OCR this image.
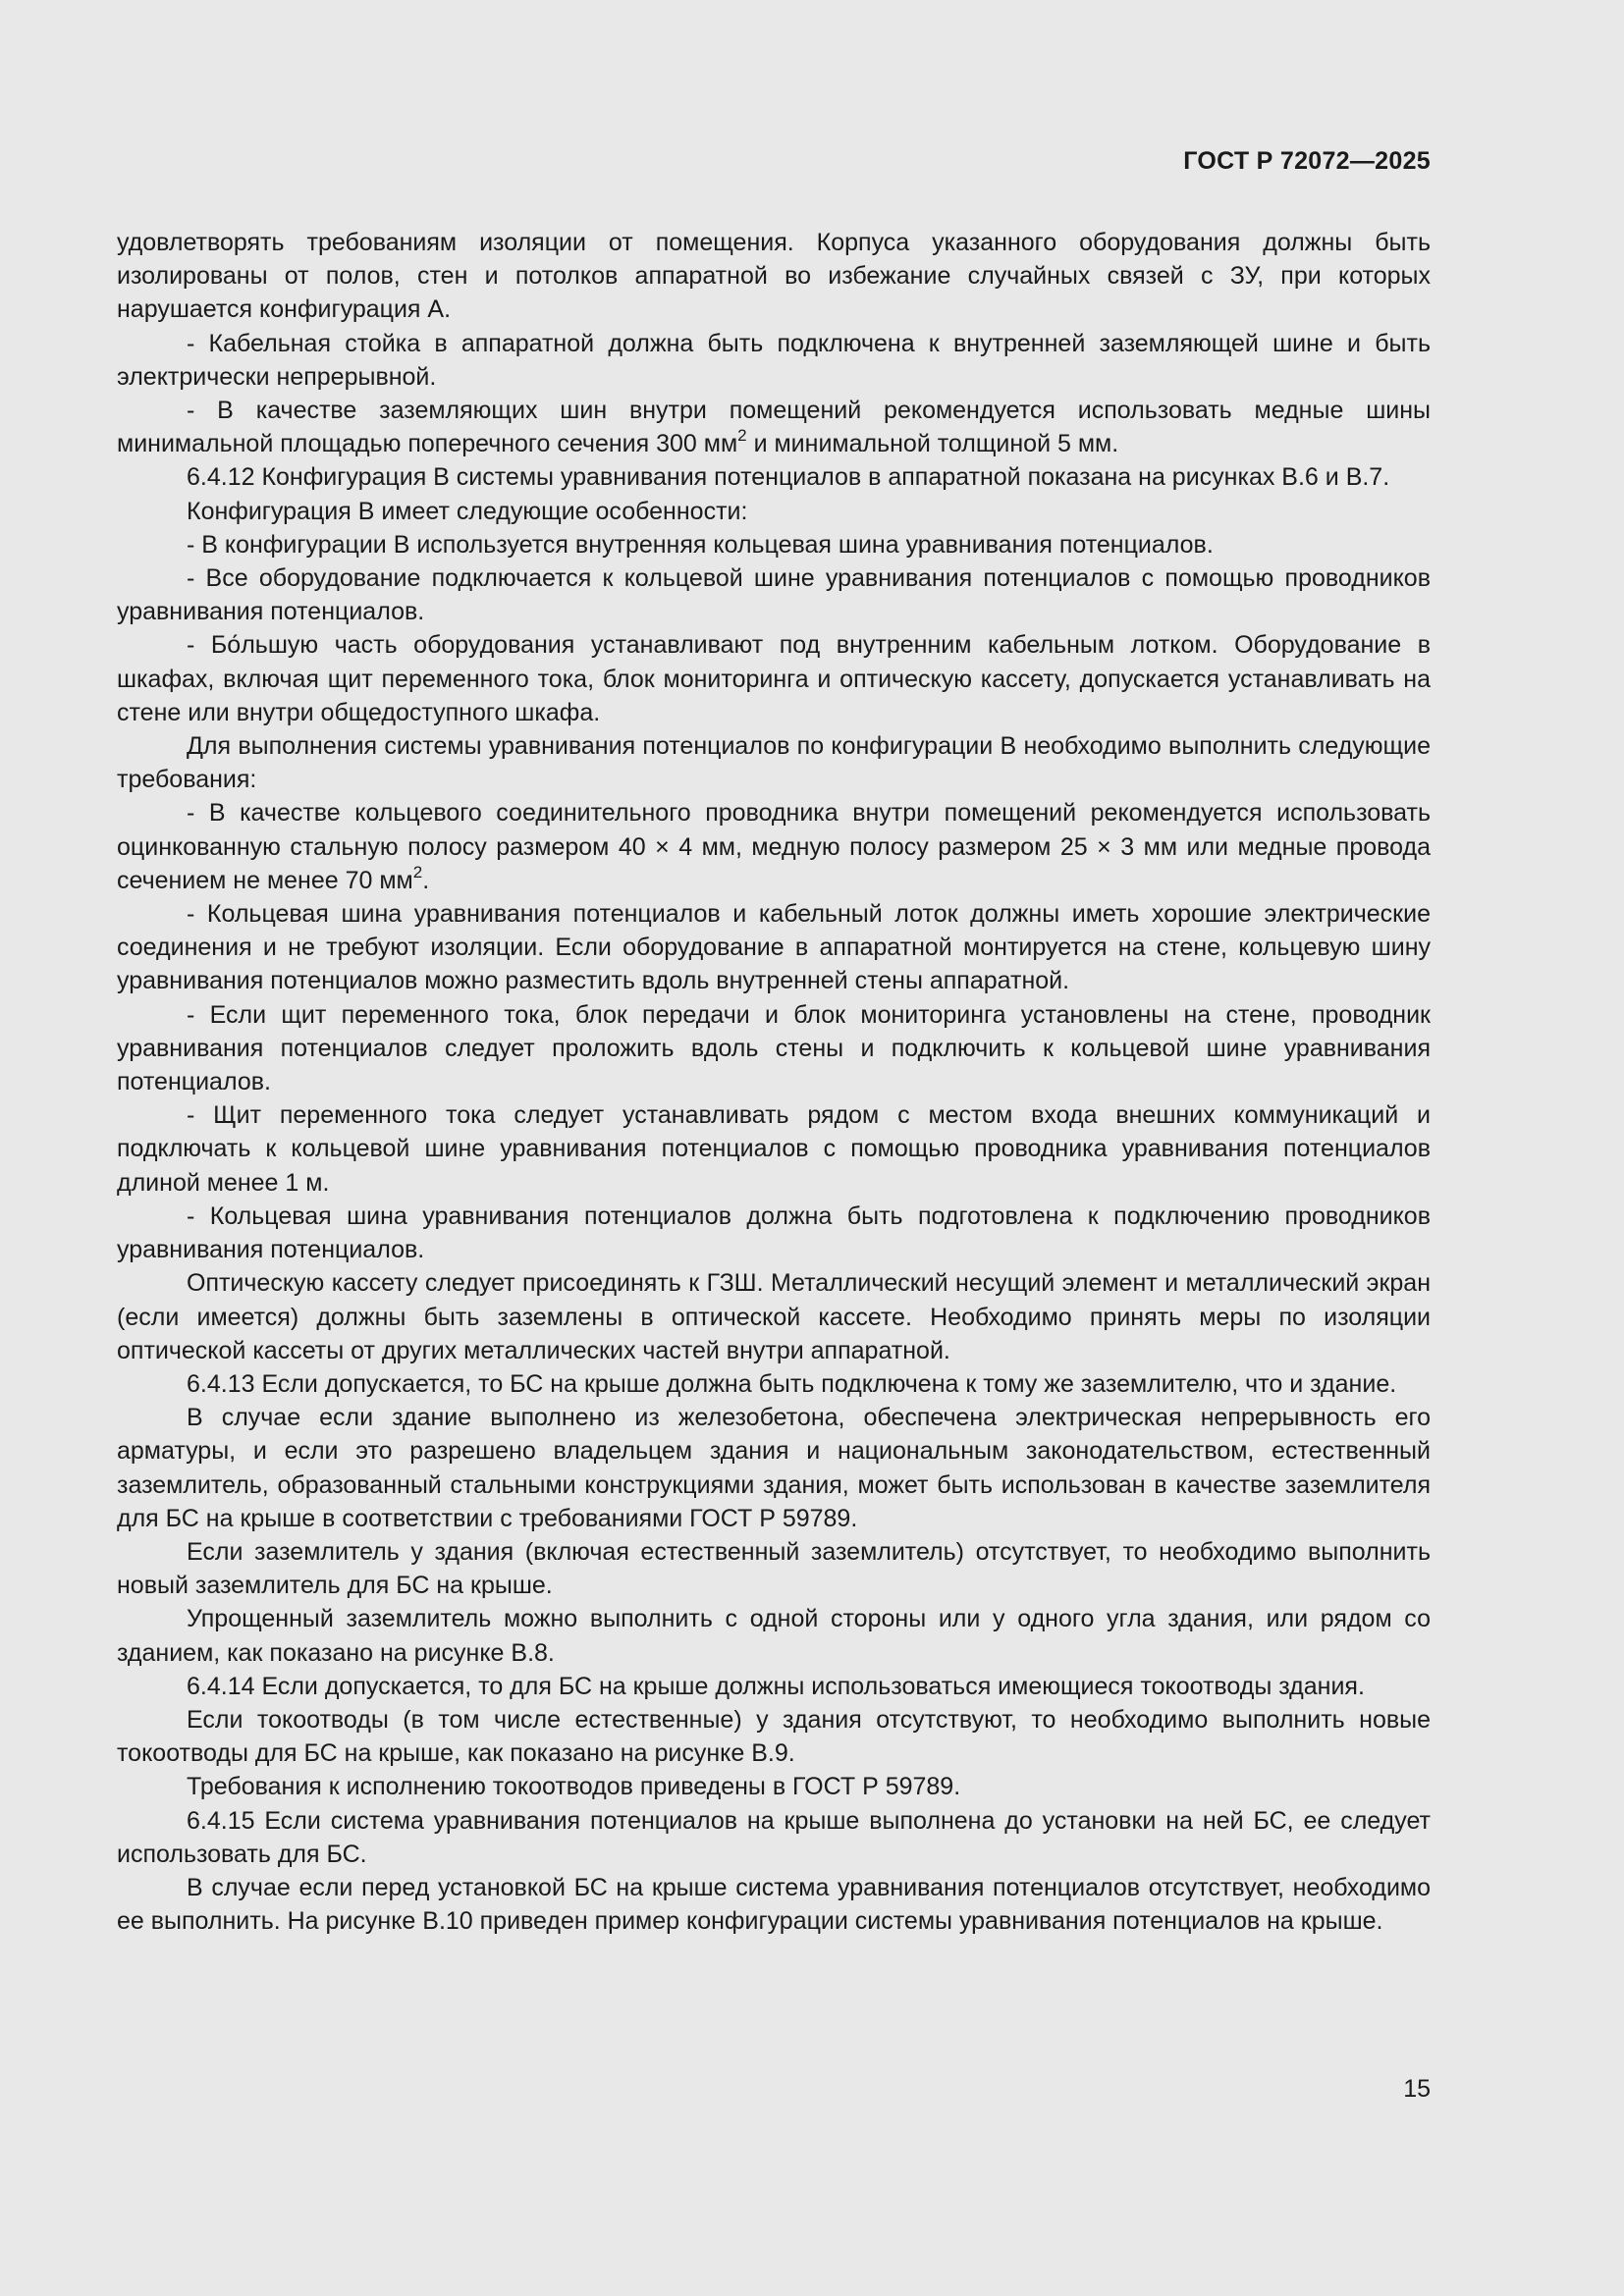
ГОСТ Р 72072—2025

удовлетворять требованиям изоляции от помещения. Корпуса указанного оборудования должны быть изолированы от полов, стен и потолков аппаратной во избежание случайных связей с ЗУ, при которых нарушается конфигурация А.

- Кабельная стойка в аппаратной должна быть подключена к внутренней заземляющей шине и быть электрически непрерывной.

- В качестве заземляющих шин внутри помещений рекомендуется использовать медные шины минимальной площадью поперечного сечения 300 $мм^2$ и минимальной толщиной 5 мм.

6.4.12 Конфигурация В системы уравнивания потенциалов в аппаратной показана на рисунках В.6 и В.7.

Конфигурация В имеет следующие особенности:

- В конфигурации В используется внутренняя кольцевая шина уравнивания потенциалов.

- Все оборудование подключается к кольцевой шине уравнивания потенциалов с помощью проводников уравнивания потенциалов.

- Бо́льшую часть оборудования устанавливают под внутренним кабельным лотком. Оборудование в шкафах, включая щит переменного тока, блок мониторинга и оптическую кассету, допускается устанавливать на стене или внутри общедоступного шкафа.

Для выполнения системы уравнивания потенциалов по конфигурации В необходимо выполнить следующие требования:

- В качестве кольцевого соединительного проводника внутри помещений рекомендуется использовать оцинкованную стальную полосу размером 40 × 4 мм, медную полосу размером 25 × 3 мм или медные провода сечением не менее 70 $мм^2$.

- Кольцевая шина уравнивания потенциалов и кабельный лоток должны иметь хорошие электрические соединения и не требуют изоляции. Если оборудование в аппаратной монтируется на стене, кольцевую шину уравнивания потенциалов можно разместить вдоль внутренней стены аппаратной.

- Если щит переменного тока, блок передачи и блок мониторинга установлены на стене, проводник уравнивания потенциалов следует проложить вдоль стены и подключить к кольцевой шине уравнивания потенциалов.

- Щит переменного тока следует устанавливать рядом с местом входа внешних коммуникаций и подключать к кольцевой шине уравнивания потенциалов с помощью проводника уравнивания потенциалов длиной менее 1 м.

- Кольцевая шина уравнивания потенциалов должна быть подготовлена к подключению проводников уравнивания потенциалов.

Оптическую кассету следует присоединять к ГЗШ. Металлический несущий элемент и металлический экран (если имеется) должны быть заземлены в оптической кассете. Необходимо принять меры по изоляции оптической кассеты от других металлических частей внутри аппаратной.

6.4.13 Если допускается, то БС на крыше должна быть подключена к тому же заземлителю, что и здание.

В случае если здание выполнено из железобетона, обеспечена электрическая непрерывность его арматуры, и если это разрешено владельцем здания и национальным законодательством, естественный заземлитель, образованный стальными конструкциями здания, может быть использован в качестве заземлителя для БС на крыше в соответствии с требованиями ГОСТ Р 59789.

Если заземлитель у здания (включая естественный заземлитель) отсутствует, то необходимо выполнить новый заземлитель для БС на крыше.

Упрощенный заземлитель можно выполнить с одной стороны или у одного угла здания, или рядом со зданием, как показано на рисунке В.8.

6.4.14 Если допускается, то для БС на крыше должны использоваться имеющиеся токоотводы здания.

Если токоотводы (в том числе естественные) у здания отсутствуют, то необходимо выполнить новые токоотводы для БС на крыше, как показано на рисунке В.9.

Требования к исполнению токоотводов приведены в ГОСТ Р 59789.

6.4.15 Если система уравнивания потенциалов на крыше выполнена до установки на ней БС, ее следует использовать для БС.

В случае если перед установкой БС на крыше система уравнивания потенциалов отсутствует, необходимо ее выполнить. На рисунке В.10 приведен пример конфигурации системы уравнивания потенциалов на крыше.

15
